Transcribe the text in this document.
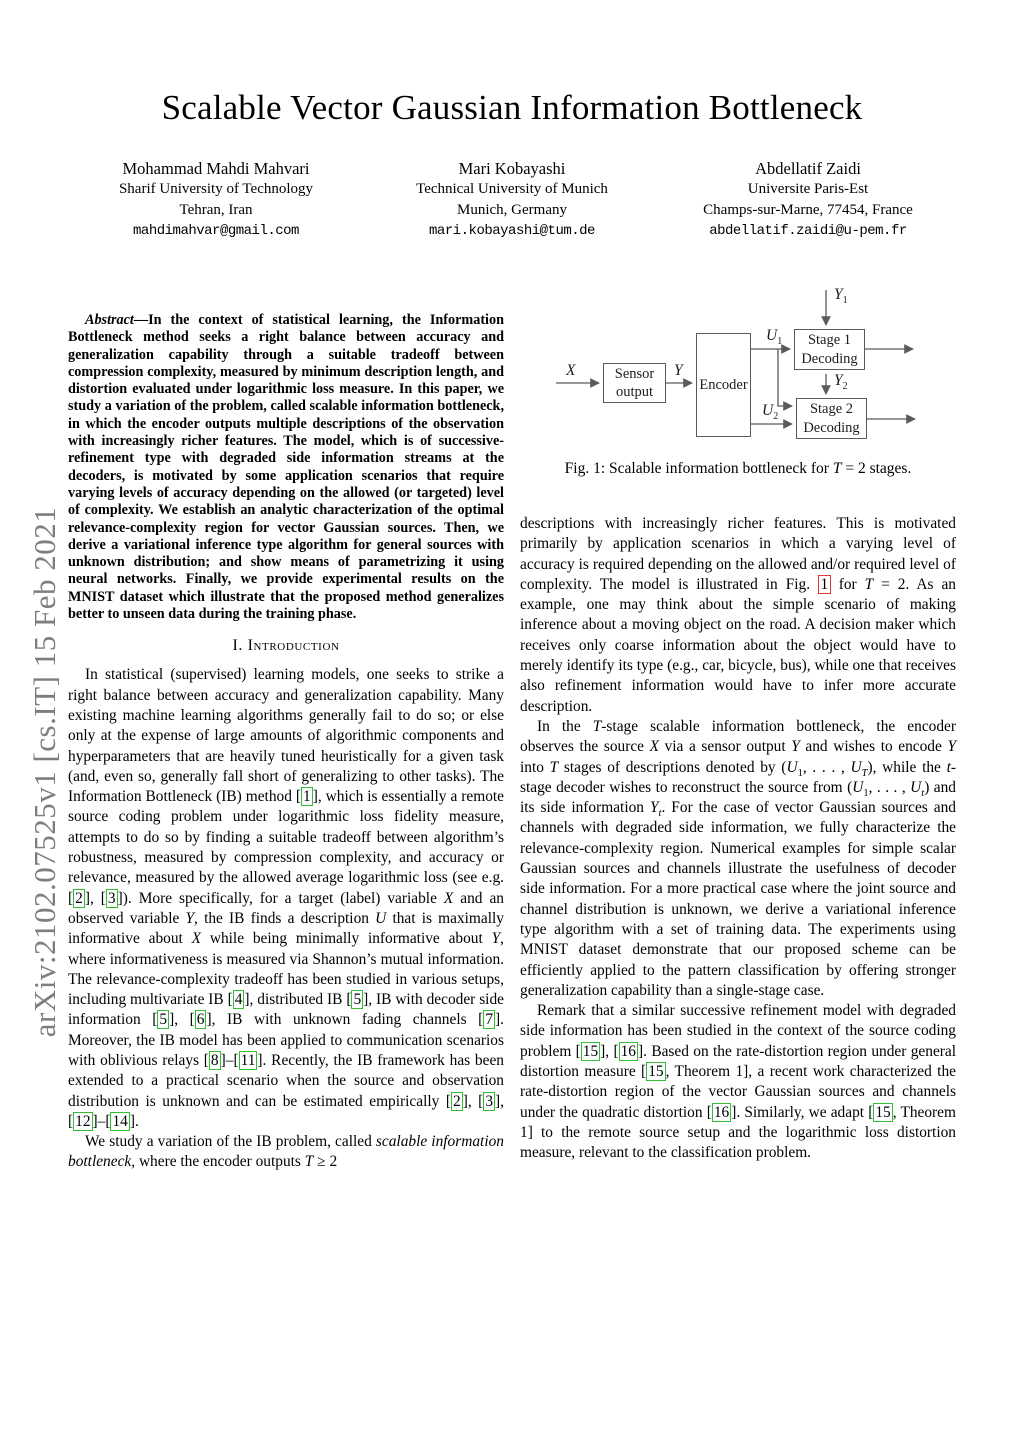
arXiv:2102.07525v1 [cs.IT] 15 Feb 2021
Scalable Vector Gaussian Information Bottleneck
Mohammad Mahdi Mahvari
Sharif University of Technology
Tehran, Iran
mahdimahvar@gmail.com
Mari Kobayashi
Technical University of Munich
Munich, Germany
mari.kobayashi@tum.de
Abdellatif Zaidi
Universite Paris-Est
Champs-sur-Marne, 77454, France
abdellatif.zaidi@u-pem.fr

Abstract—In the context of statistical learning, the Information Bottleneck method seeks a right balance between accuracy and generalization capability through a suitable tradeoff between compression complexity, measured by minimum description length, and distortion evaluated under logarithmic loss measure. In this paper, we study a variation of the problem, called scalable information bottleneck, in which the encoder outputs multiple descriptions of the observation with increasingly richer features. The model, which is of successive-refinement type with degraded side information streams at the decoders, is motivated by some application scenarios that require varying levels of accuracy depending on the allowed (or targeted) level of complexity. We establish an analytic characterization of the optimal relevance-complexity region for vector Gaussian sources. Then, we derive a variational inference type algorithm for general sources with unknown distribution; and show means of parametrizing it using neural networks. Finally, we provide experimental results on the MNIST dataset which illustrate that the proposed method generalizes better to unseen data during the training phase.

I. Introduction

In statistical (supervised) learning models, one seeks to strike a right balance between accuracy and generalization capability. Many existing machine learning algorithms generally fail to do so; or else only at the expense of large amounts of algorithmic components and hyperparameters that are heavily tuned heuristically for a given task (and, even so, generally fall short of generalizing to other tasks). The Information Bottleneck (IB) method [ 1 ], which is essentially a remote source coding problem under logarithmic loss fidelity measure, attempts to do so by finding a suitable tradeoff between algorithm’s robustness, measured by compression complexity, and accuracy or relevance, measured by the allowed average logarithmic loss (see e.g. [ 2 ], [ 3 ]). More specifically, for a target (label) variable X and an observed variable Y, the IB finds a description U that is maximally informative about X while being minimally informative about Y, where informativeness is measured via Shannon’s mutual information. The relevance-complexity tradeoff has been studied in various setups, including multivariate IB [ 4 ], distributed IB [ 5 ], IB with decoder side information [ 5 ], [ 6 ], IB with unknown fading channels [ 7 ]. Moreover, the IB model has been applied to communication scenarios with oblivious relays [ 8 ]–[ 11 ]. Recently, the IB framework has been extended to a practical scenario when the source and observation distribution is unknown and can be estimated empirically [ 2 ], [ 3 ], [ 12 ]–[ 14 ].

We study a variation of the IB problem, called scalable information bottleneck, where the encoder outputs T ≥ 2

Sensor output	Encoder
Stage 1 Decoding
Stage 2 Decoding
X	Y
$U_1$
$U_2$
$Y_1$
$Y_2$
Fig. 1: Scalable information bottleneck for T = 2 stages.

descriptions with increasingly richer features. This is motivated primarily by application scenarios in which a varying level of accuracy is required depending on the allowed and/or required level of complexity. The model is illustrated in Fig. 1 for T = 2. As an example, one may think about the simple scenario of making inference about a moving object on the road. A decision maker which receives only coarse information about the object would have to merely identify its type (e.g., car, bicycle, bus), while one that receives also refinement information would have to infer more accurate description.

In the T-stage scalable information bottleneck, the encoder observes the source X via a sensor output Y and wishes to encode Y into T stages of descriptions denoted by ($U_1$, . . . , $U_T$), while the t-stage decoder wishes to reconstruct the source from ($U_1$, . . . , $U_t$) and its side information $Y_t$. For the case of vector Gaussian sources and channels with degraded side information, we fully characterize the relevance-complexity region. Numerical examples for simple scalar Gaussian sources and channels illustrate the usefulness of decoder side information. For a more practical case where the joint source and channel distribution is unknown, we derive a variational inference type algorithm with a set of training data. The experiments using MNIST dataset demonstrate that our proposed scheme can be efficiently applied to the pattern classification by offering stronger generalization capability than a single-stage case.

Remark that a similar successive refinement model with degraded side information has been studied in the context of the source coding problem [ 15 ], [ 16 ]. Based on the rate-distortion region under general distortion measure [ 15 , Theorem 1], a recent work characterized the rate-distortion region of the vector Gaussian sources and channels under the quadratic distortion [ 16 ]. Similarly, we adapt [ 15 , Theorem 1] to the remote source setup and the logarithmic loss distortion measure, relevant to the classification problem.
